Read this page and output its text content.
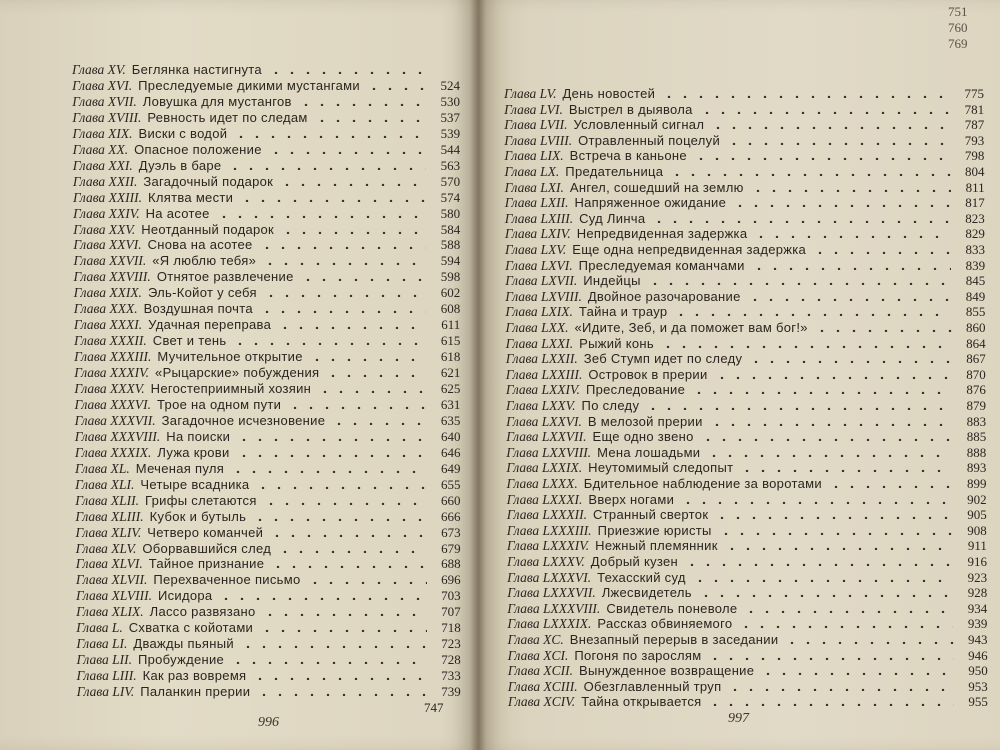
Глава XV. Беглянка настигнута
Глава XVI. Преследуемые дикими мустангами	524
Глава XVII. Ловушка для мустангов	530
Глава XVIII. Ревность идет по следам	537
Глава XIX. Виски с водой	539
Глава XX. Опасное положение	544
Глава XXI. Дуэль в баре	563
Глава XXII. Загадочный подарок	570
Глава XXIII. Клятва мести	574
Глава XXIV. На асотее	580
Глава XXV. Неотданный подарок	584
Глава XXVI. Снова на асотее	588
Глава XXVII. «Я люблю тебя»	594
Глава XXVIII. Отнятое развлечение	598
Глава XXIX. Эль-Койот у себя	602
Глава XXX. Воздушная почта	608
Глава XXXI. Удачная переправа	611
Глава XXXII. Свет и тень	615
Глава XXXIII. Мучительное открытие	618
Глава XXXIV. «Рыцарские» побуждения	621
Глава XXXV. Негостеприимный хозяин	625
Глава XXXVI. Трое на одном пути	631
Глава XXXVII. Загадочное исчезновение	635
Глава XXXVIII. На поиски	640
Глава XXXIX. Лужа крови	646
Глава XL. Меченая пуля	649
Глава XLI. Четыре всадника	655
Глава XLII. Грифы слетаются	660
Глава XLIII. Кубок и бутыль	666
Глава XLIV. Четверо команчей	673
Глава XLV. Оборвавшийся след	679
Глава XLVI. Тайное признание	688
Глава XLVII. Перехваченное письмо	696
Глава XLVIII. Исидора	703
Глава XLIX. Лассо развязано	707
Глава L. Схватка с койотами	718
Глава LI. Дважды пьяный	723
Глава LII. Пробуждение	728
Глава LIII. Как раз вовремя	733
Глава LIV. Паланкин прерии	739
747
996
751
760
769
Глава LV. День новостей	775
Глава LVI. Выстрел в дыявола	781
Глава LVII. Условленный сигнал	787
Глава LVIII. Отравленный поцелуй	793
Глава LIX. Встреча в каньоне	798
Глава LX. Предательница	804
Глава LXI. Ангел, сошедший на землю	811
Глава LXII. Напряженное ожидание	817
Глава LXIII. Суд Линча	823
Глава LXIV. Непредвиденная задержка	829
Глава LXV. Еще одна непредвиденная задержка	833
Глава LXVI. Преследуемая команчами	839
Глава LXVII. Индейцы	845
Глава LXVIII. Двойное разочарование	849
Глава LXIX. Тайна и траур	855
Глава LXX. «Идите, Зеб, и да поможет вам бог!»	860
Глава LXXI. Рыжий конь	864
Глава LXXII. Зеб Стумп идет по следу	867
Глава LXXIII. Островок в прерии	870
Глава LXXIV. Преследование	876
Глава LXXV. По следу	879
Глава LXXVI. В мелозой прерии	883
Глава LXXVII. Еще одно звено	885
Глава LXXVIII. Мена лошадьми	888
Глава LXXIX. Неутомимый следопыт	893
Глава LXXX. Бдительное наблюдение за воротами	899
Глава LXXXI. Вверх ногами	902
Глава LXXXII. Странный сверток	905
Глава LXXXIII. Приезжие юристы	908
Глава LXXXIV. Нежный племянник	911
Глава LXXXV. Добрый кузен	916
Глава LXXXVI. Техасский суд	923
Глава LXXXVII. Лжесвидетель	928
Глава LXXXVIII. Свидетель поневоле	934
Глава LXXXIX. Рассказ обвиняемого	939
Глава XC. Внезапный перерыв в заседании	943
Глава XCI. Погоня по зарослям	946
Глава XCII. Вынужденное возвращение	950
Глава XCIII. Обезглавленный труп	953
Глава XCIV. Тайна открывается	955
997
